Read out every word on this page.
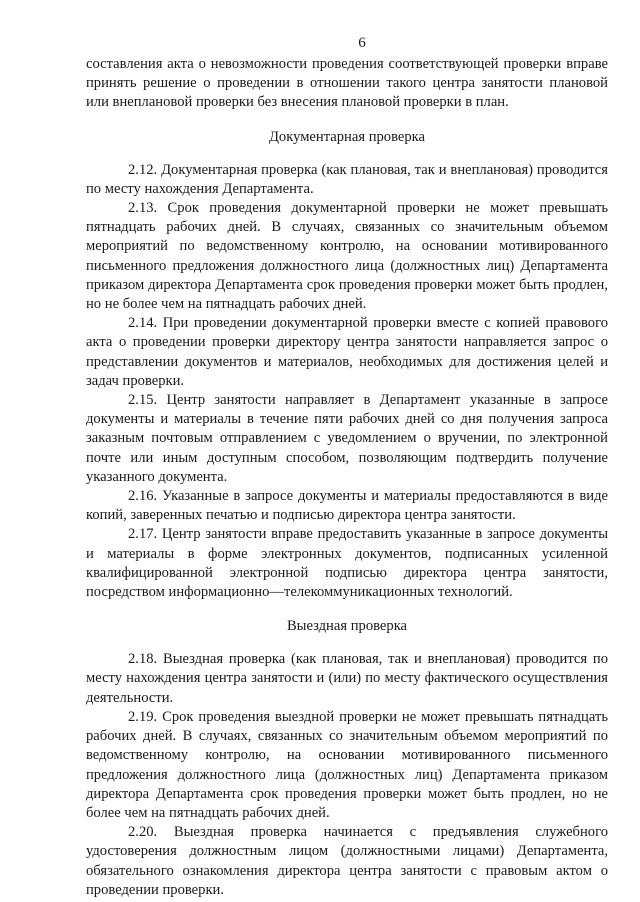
6

составления акта о невозможности проведения соответствующей проверки вправе принять решение о проведении в отношении такого центра занятости плановой или внеплановой проверки без внесения плановой проверки в план.

Документарная проверка

2.12. Документарная проверка (как плановая, так и внеплановая) проводится по месту нахождения Департамента.

2.13. Срок проведения документарной проверки не может превышать пятнадцать рабочих дней. В случаях, связанных со значительным объемом мероприятий по ведомственному контролю, на основании мотивированного письменного предложения должностного лица (должностных лиц) Департамента приказом директора Департамента срок проведения проверки может быть продлен, но не более чем на пятнадцать рабочих дней.

2.14. При проведении документарной проверки вместе с копией правового акта о проведении проверки директору центра занятости направляется запрос о представлении документов и материалов, необходимых для достижения целей и задач проверки.

2.15. Центр занятости направляет в Департамент указанные в запросе документы и материалы в течение пяти рабочих дней со дня получения запроса заказным почтовым отправлением с уведомлением о вручении, по электронной почте или иным доступным способом, позволяющим подтвердить получение указанного документа.

2.16. Указанные в запросе документы и материалы предоставляются в виде копий, заверенных печатью и подписью директора центра занятости.

2.17. Центр занятости вправе предоставить указанные в запросе документы и материалы в форме электронных документов, подписанных усиленной квалифицированной электронной подписью директора центра занятости, посредством информационно—телекоммуникационных технологий.

Выездная проверка

2.18. Выездная проверка (как плановая, так и внеплановая) проводится по месту нахождения центра занятости и (или) по месту фактического осуществления деятельности.

2.19. Срок проведения выездной проверки не может превышать пятнадцать рабочих дней. В случаях, связанных со значительным объемом мероприятий по ведомственному контролю, на основании мотивированного письменного предложения должностного лица (должностных лиц) Департамента приказом директора Департамента срок проведения проверки может быть продлен, но не более чем на пятнадцать рабочих дней.

2.20. Выездная проверка начинается с предъявления служебного удостоверения должностным лицом (должностными лицами) Департамента, обязательного ознакомления директора центра занятости с правовым актом о проведении проверки.
